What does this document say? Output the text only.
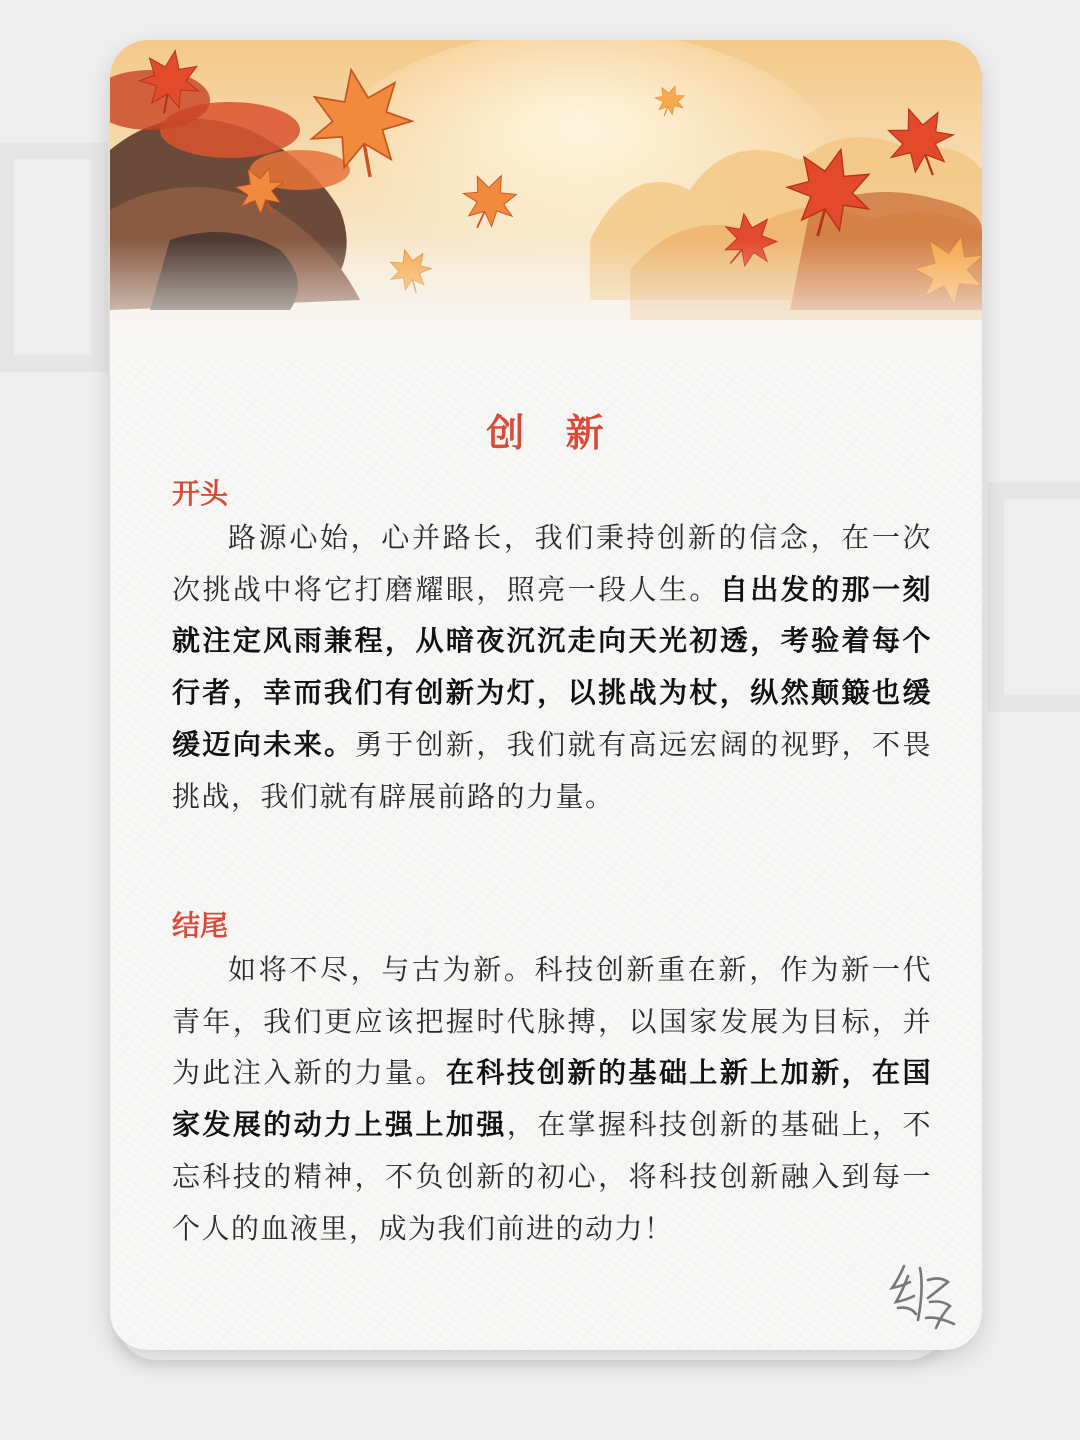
创 新
开头
路源心始，心并路长，我们秉持创新的信念，在一次次挑战中将它打磨耀眼，照亮一段人生。自出发的那一刻就注定风雨兼程，从暗夜沉沉走向天光初透，考验着每个行者，幸而我们有创新为灯，以挑战为杖，纵然颠簸也缓缓迈向未来。勇于创新，我们就有高远宏阔的视野，不畏挑战，我们就有辟展前路的力量。
结尾
如将不尽，与古为新。科技创新重在新，作为新一代青年，我们更应该把握时代脉搏，以国家发展为目标，并为此注入新的力量。在科技创新的基础上新上加新，在国家发展的动力上强上加强，在掌握科技创新的基础上，不忘科技的精神，不负创新的初心，将科技创新融入到每一个人的血液里，成为我们前进的动力！
